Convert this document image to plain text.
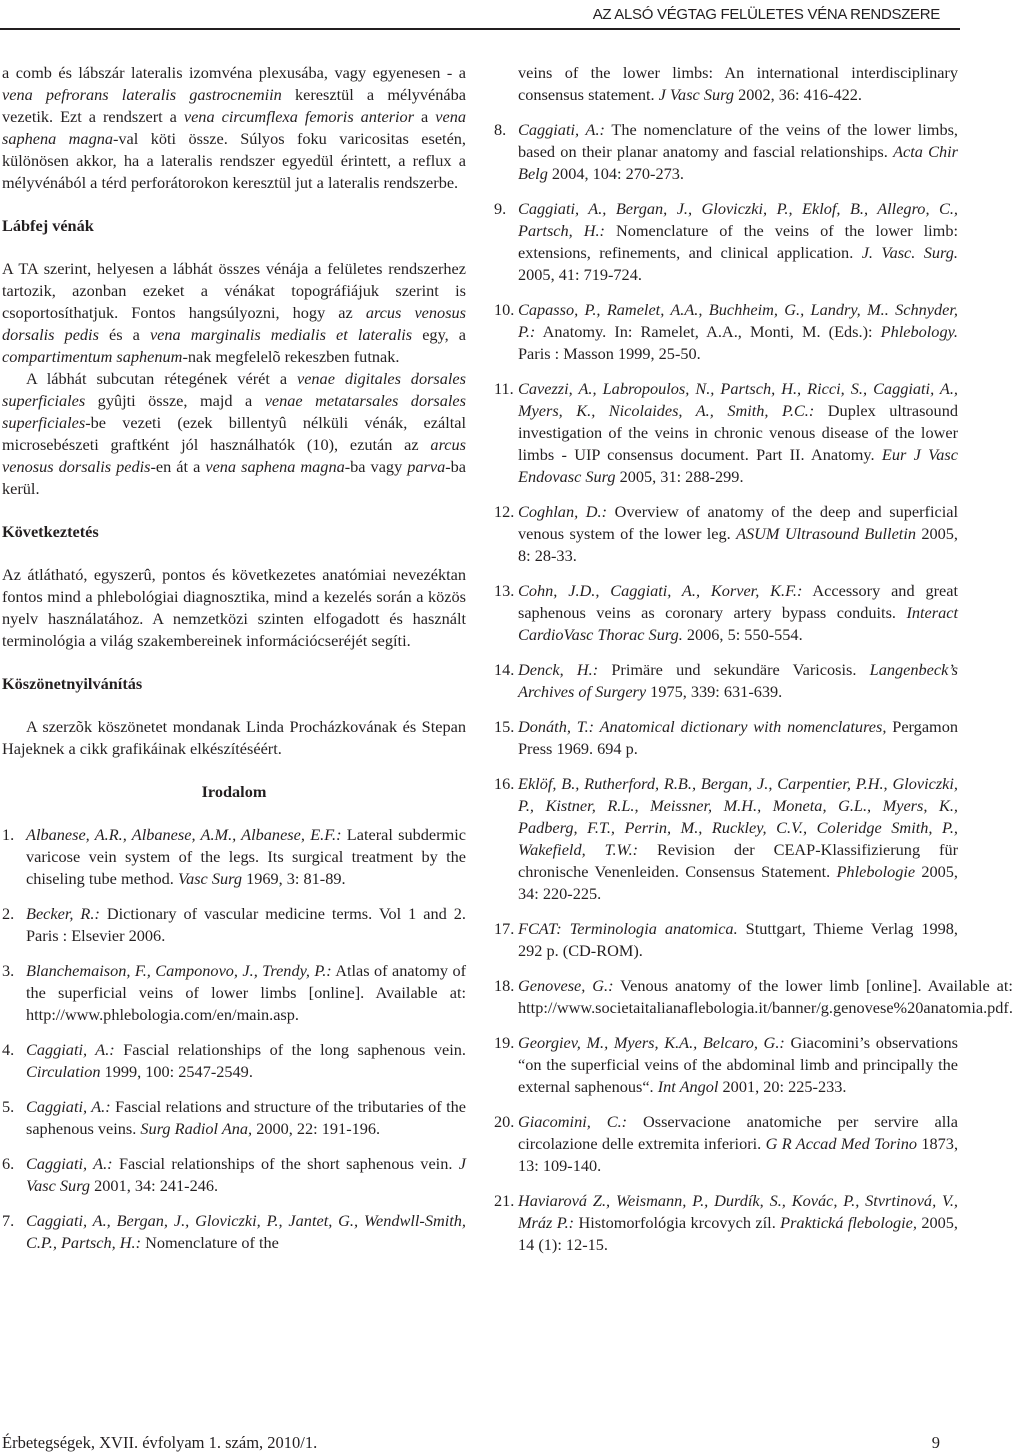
AZ ALSÓ VÉGTAG FELÜLETES VÉNA RENDSZERE

a comb és lábszár lateralis izomvéna plexusába, vagy egyenesen - a vena pefrorans lateralis gastrocnemiin keresztül a mélyvénába vezetik. Ezt a rendszert a vena circumflexa femoris anterior a vena saphena magna-val köti össze. Súlyos foku varicositas esetén, különösen akkor, ha a lateralis rendszer egyedül érintett, a reflux a mélyvénából a térd perforátorokon keresztül jut a lateralis rendszerbe.

Lábfej vénák

A TA szerint, helyesen a lábhát összes vénája a felületes rendszerhez tartozik, azonban ezeket a vénákat topográfiájuk szerint is csoportosíthatjuk. Fontos hangsúlyozni, hogy az arcus venosus dorsalis pedis és a vena marginalis medialis et lateralis egy, a compartimentum saphenum-nak megfelelõ rekeszben futnak.

A lábhát subcutan rétegének vérét a venae digitales dorsales superficiales gyûjti össze, majd a venae metatarsales dorsales superficiales-be vezeti (ezek billentyû nélküli vénák, ezáltal microsebészeti graftként jól használhatók (10), ezután az arcus venosus dorsalis pedis-en át a vena saphena magna-ba vagy parva-ba kerül.

Következtetés

Az átlátható, egyszerû, pontos és következetes anatómiai nevezéktan fontos mind a phlebológiai diagnosztika, mind a kezelés során a közös nyelv használatához. A nemzetközi szinten elfogadott és használt terminológia a világ szakembereinek információcseréjét segíti.

Köszönetnyilvánítás

A szerzõk köszönetet mondanak Linda Procházkovának és Stepan Hajeknek a cikk grafikáinak elkészítéséért.

Irodalom
1. Albanese, A.R., Albanese, A.M., Albanese, E.F.: Lateral subdermic varicose vein system of the legs. Its surgical treatment by the chiseling tube method. Vasc Surg 1969, 3: 81-89.
2. Becker, R.: Dictionary of vascular medicine terms. Vol 1 and 2. Paris : Elsevier 2006.
3. Blanchemaison, F., Camponovo, J., Trendy, P.: Atlas of anatomy of the superficial veins of lower limbs [online]. Available at: http://www.phlebologia.com/en/main.asp.
4. Caggiati, A.: Fascial relationships of the long saphenous vein. Circulation 1999, 100: 2547-2549.
5. Caggiati, A.: Fascial relations and structure of the tributaries of the saphenous veins. Surg Radiol Ana, 2000, 22: 191-196.
6. Caggiati, A.: Fascial relationships of the short saphenous vein. J Vasc Surg 2001, 34: 241-246.
7. Caggiati, A., Bergan, J., Gloviczki, P., Jantet, G., Wendwll-Smith, C.P., Partsch, H.: Nomenclature of the
veins of the lower limbs: An international interdisciplinary consensus statement. J Vasc Surg 2002, 36: 416-422.
8. Caggiati, A.: The nomenclature of the veins of the lower limbs, based on their planar anatomy and fascial relationships. Acta Chir Belg 2004, 104: 270-273.
9. Caggiati, A., Bergan, J., Gloviczki, P., Eklof, B., Allegro, C., Partsch, H.: Nomenclature of the veins of the lower limb: extensions, refinements, and clinical application. J. Vasc. Surg. 2005, 41: 719-724.
10. Capasso, P., Ramelet, A.A., Buchheim, G., Landry, M.. Schnyder, P.: Anatomy. In: Ramelet, A.A., Monti, M. (Eds.): Phlebology. Paris : Masson 1999, 25-50.
11. Cavezzi, A., Labropoulos, N., Partsch, H., Ricci, S., Caggiati, A., Myers, K., Nicolaides, A., Smith, P.C.: Duplex ultrasound investigation of the veins in chronic venous disease of the lower limbs - UIP consensus document. Part II. Anatomy. Eur J Vasc Endovasc Surg 2005, 31: 288-299.
12. Coghlan, D.: Overview of anatomy of the deep and superficial venous system of the lower leg. ASUM Ultrasound Bulletin 2005, 8: 28-33.
13. Cohn, J.D., Caggiati, A., Korver, K.F.: Accessory and great saphenous veins as coronary artery bypass conduits. Interact CardioVasc Thorac Surg. 2006, 5: 550-554.
14. Denck, H.: Primäre und sekundäre Varicosis. Langenbeck’s Archives of Surgery 1975, 339: 631-639.
15. Donáth, T.: Anatomical dictionary with nomenclatures, Pergamon Press 1969. 694 p.
16. Eklöf, B., Rutherford, R.B., Bergan, J., Carpentier, P.H., Gloviczki, P., Kistner, R.L., Meissner, M.H., Moneta, G.L., Myers, K., Padberg, F.T., Perrin, M., Ruckley, C.V., Coleridge Smith, P., Wakefield, T.W.: Revision der CEAP-Klassifizierung für chronische Venenleiden. Consensus Statement. Phlebologie 2005, 34: 220-225.
17. FCAT: Terminologia anatomica. Stuttgart, Thieme Verlag 1998, 292 p. (CD-ROM).
18. Genovese, G.: Venous anatomy of the lower limb [online]. Available at: http://www.societaitalianaflebologia.it/banner/g.genovese%20anatomia.pdf.
19. Georgiev, M., Myers, K.A., Belcaro, G.: Giacomini’s observations “on the superficial veins of the abdominal limb and principally the external saphenous“. Int Angol 2001, 20: 225-233.
20. Giacomini, C.: Osservacione anatomiche per servire alla circolazione delle extremita inferiori. G R Accad Med Torino 1873, 13: 109-140.
21. Haviarová Z., Weismann, P., Durdík, S., Kovác, P., Stvrtinová, V., Mráz P.: Histomorfológia krcovych zíl. Praktická flebologie, 2005, 14 (1): 12-15.
Érbetegségek, XVII. évfolyam 1. szám, 2010/1.	9
